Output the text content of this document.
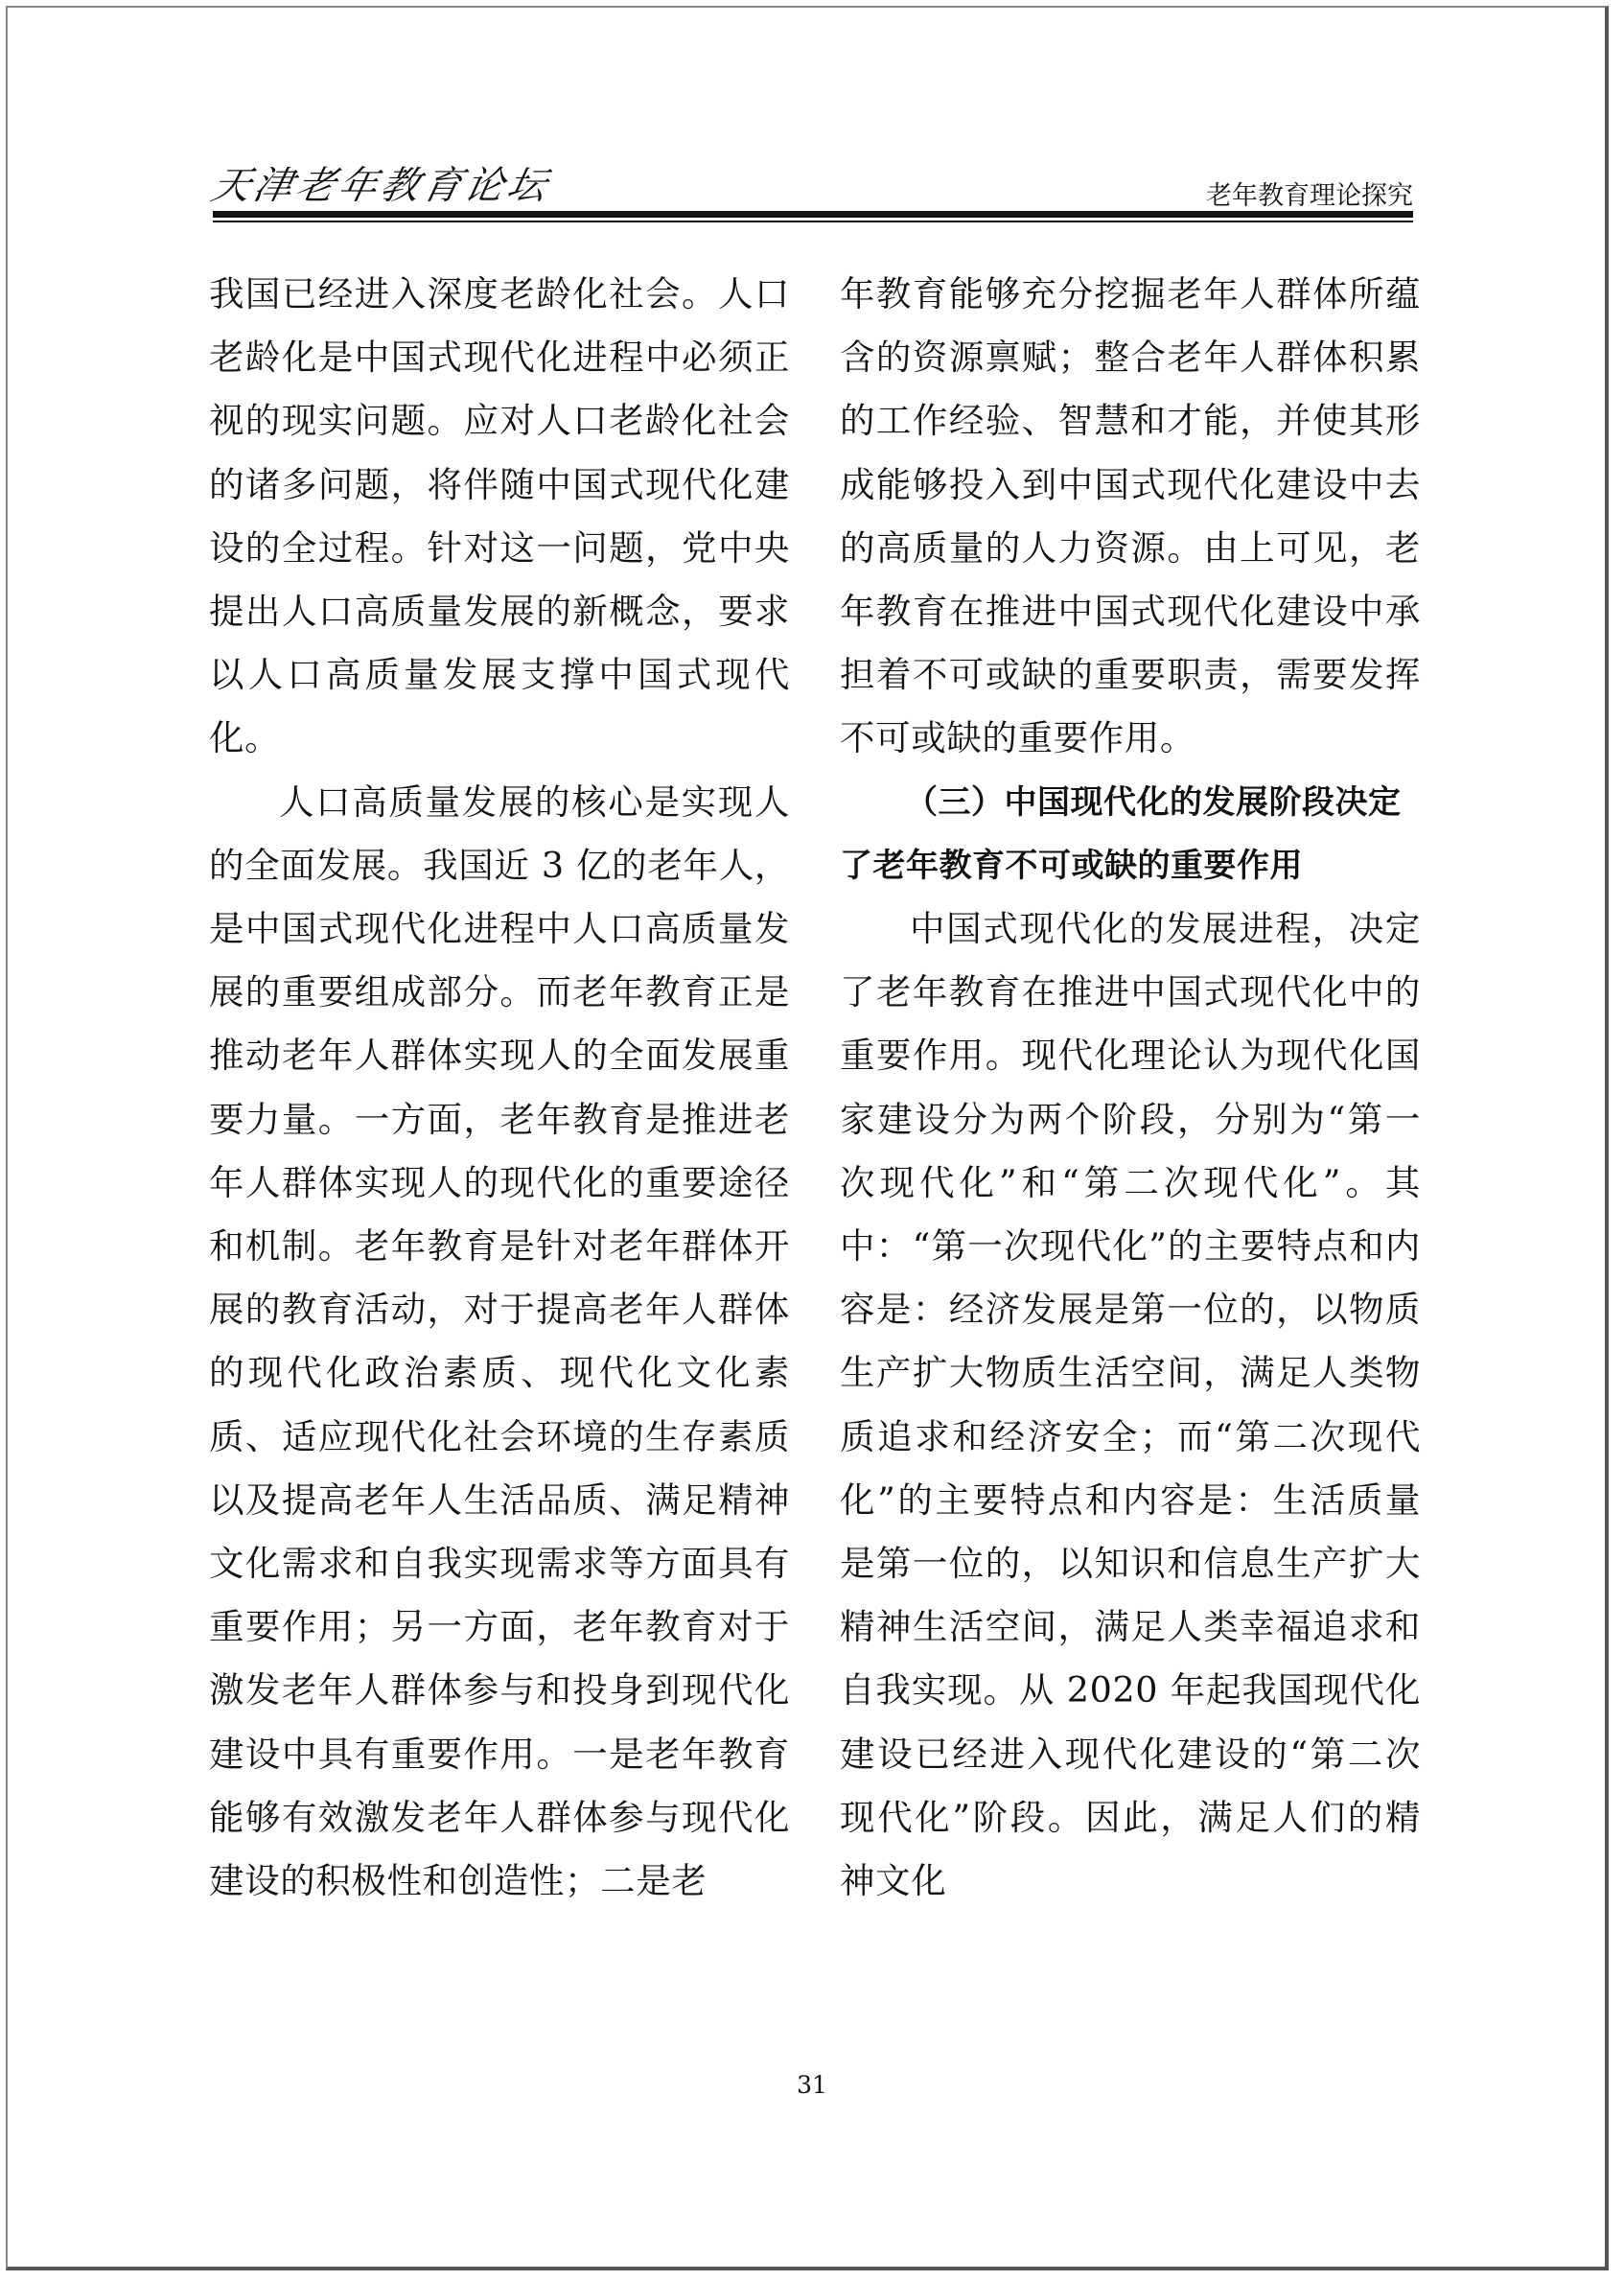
天津老年教育论坛	老年教育理论探究

我国已经进入深度老龄化社会。人口老龄化是中国式现代化进程中必须正视的现实问题。应对人口老龄化社会的诸多问题，将伴随中国式现代化建设的全过程。针对这一问题，党中央提出人口高质量发展的新概念，要求以人口高质量发展支撑中国式现代化。

人口高质量发展的核心是实现人的全面发展。我国近 3 亿的老年人，是中国式现代化进程中人口高质量发展的重要组成部分。而老年教育正是推动老年人群体实现人的全面发展重要力量。一方面，老年教育是推进老年人群体实现人的现代化的重要途径和机制。老年教育是针对老年群体开展的教育活动，对于提高老年人群体的现代化政治素质、现代化文化素质、适应现代化社会环境的生存素质以及提高老年人生活品质、满足精神文化需求和自我实现需求等方面具有重要作用；另一方面，老年教育对于激发老年人群体参与和投身到现代化建设中具有重要作用。一是老年教育能够有效激发老年人群体参与现代化建设的积极性和创造性；二是老

年教育能够充分挖掘老年人群体所蕴含的资源禀赋；整合老年人群体积累的工作经验、智慧和才能，并使其形成能够投入到中国式现代化建设中去的高质量的人力资源。由上可见，老年教育在推进中国式现代化建设中承担着不可或缺的重要职责，需要发挥不可或缺的重要作用。

（三）中国现代化的发展阶段决定了老年教育不可或缺的重要作用

中国式现代化的发展进程，决定了老年教育在推进中国式现代化中的重要作用。现代化理论认为现代化国家建设分为两个阶段，分别为“第一次现代化”和“第二次现代化”。其中：“第一次现代化”的主要特点和内容是：经济发展是第一位的，以物质生产扩大物质生活空间，满足人类物质追求和经济安全；而“第二次现代化”的主要特点和内容是：生活质量是第一位的，以知识和信息生产扩大精神生活空间，满足人类幸福追求和自我实现。从 2020 年起我国现代化建设已经进入现代化建设的“第二次现代化”阶段。因此，满足人们的精神文化

31
